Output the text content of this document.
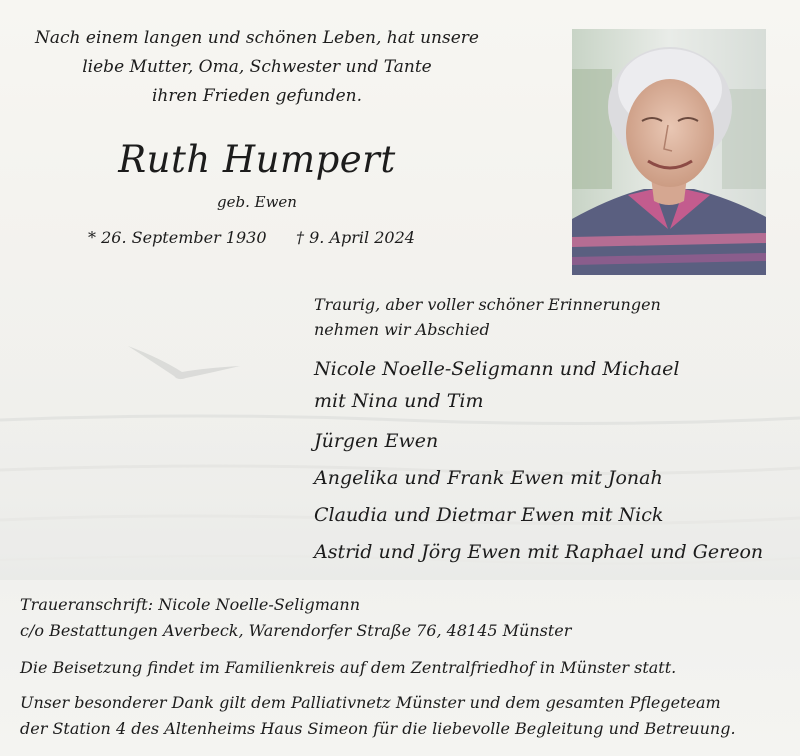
Nach einem langen und schönen Leben, hat unsere
liebe Mutter, Oma, Schwester und Tante
ihren Frieden gefunden.
Ruth Humpert
geb. Ewen
* 26. September 1930 † 9. April 2024
Traurig, aber voller schöner Erinnerungen
nehmen wir Abschied
Nicole Noelle-Seligmann und Michael
mit Nina und Tim
Jürgen Ewen
Angelika und Frank Ewen mit Jonah
Claudia und Dietmar Ewen mit Nick
Astrid und Jörg Ewen mit Raphael und Gereon
Traueranschrift: Nicole Noelle-Seligmann
c/o Bestattungen Averbeck, Warendorfer Straße 76, 48145 Münster
Die Beisetzung findet im Familienkreis auf dem Zentralfriedhof in Münster statt.
Unser besonderer Dank gilt dem Palliativnetz Münster und dem gesamten Pflegeteam
der Station 4 des Altenheims Haus Simeon für die liebevolle Begleitung und Betreuung.
